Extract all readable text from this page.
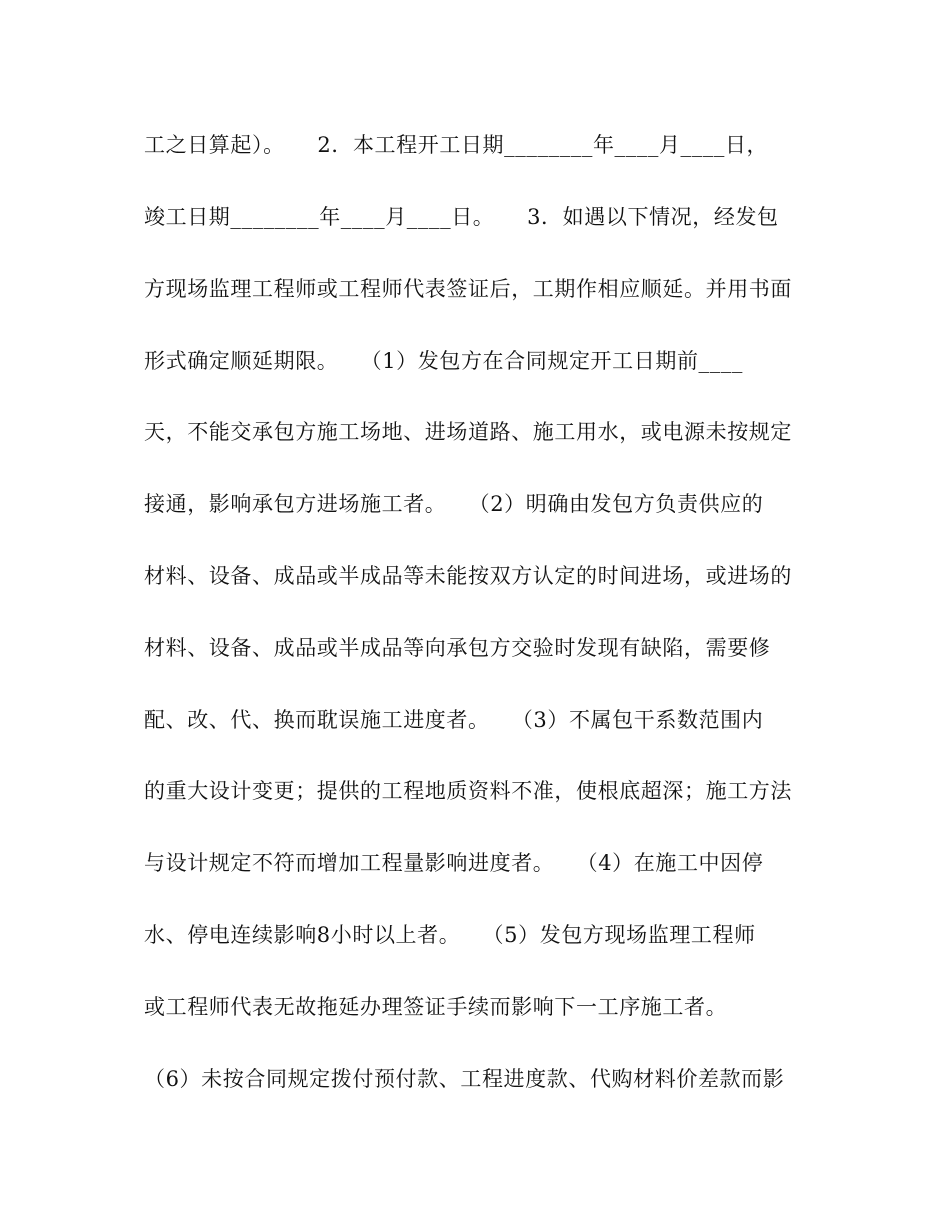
工之日算起）。　　2．本工程开工日期________年____月____日，
竣工日期________年____月____日。　　3．如遇以下情况，经发包
方现场监理工程师或工程师代表签证后，工期作相应顺延。并用书面
形式确定顺延期限。　　（1）发包方在合同规定开工日期前____
天，不能交承包方施工场地、进场道路、施工用水，或电源未按规定
接通，影响承包方进场施工者。　　（2）明确由发包方负责供应的
材料、设备、成品或半成品等未能按双方认定的时间进场，或进场的
材料、设备、成品或半成品等向承包方交验时发现有缺陷，需要修
配、改、代、换而耽误施工进度者。　　（3）不属包干系数范围内
的重大设计变更；提供的工程地质资料不准，使根底超深；施工方法
与设计规定不符而增加工程量影响进度者。　　（4）在施工中因停
水、停电连续影响8小时以上者。　　（5）发包方现场监理工程师
或工程师代表无故拖延办理签证手续而影响下一工序施工者。
（6）未按合同规定拨付预付款、工程进度款、代购材料价差款而影
